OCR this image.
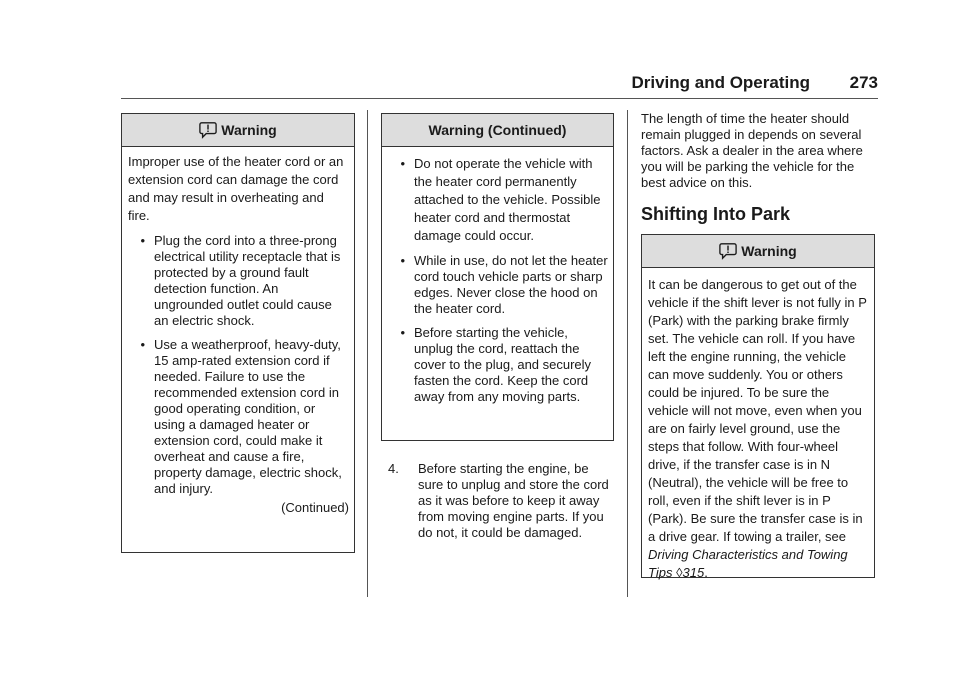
Driving and Operating	273
Warning

Improper use of the heater cord or an extension cord can damage the cord and may result in overheating and fire.

• Plug the cord into a three-prong electrical utility receptacle that is protected by a ground fault detection function. An ungrounded outlet could cause an electric shock.
• Use a weatherproof, heavy-duty, 15 amp-rated extension cord if needed. Failure to use the recommended extension cord in good operating condition, or using a damaged heater or extension cord, could make it overheat and cause a fire, property damage, electric shock, and injury.
(Continued)
Warning (Continued)
• Do not operate the vehicle with the heater cord permanently attached to the vehicle. Possible heater cord and thermostat damage could occur.
• While in use, do not let the heater cord touch vehicle parts or sharp edges. Never close the hood on the heater cord.
• Before starting the vehicle, unplug the cord, reattach the cover to the plug, and securely fasten the cord. Keep the cord away from any moving parts.
4.	Before starting the engine, be sure to unplug and store the cord as it was before to keep it away from moving engine parts. If you do not, it could be damaged.
The length of time the heater should remain plugged in depends on several factors. Ask a dealer in the area where you will be parking the vehicle for the best advice on this.
Shifting Into Park
Warning

It can be dangerous to get out of the vehicle if the shift lever is not fully in P (Park) with the parking brake firmly set. The vehicle can roll. If you have left the engine running, the vehicle can move suddenly. You or others could be injured. To be sure the vehicle will not move, even when you are on fairly level ground, use the steps that follow. With four-wheel drive, if the transfer case is in N (Neutral), the vehicle will be free to roll, even if the shift lever is in P (Park). Be sure the transfer case is in a drive gear. If towing a trailer, see Driving Characteristics and Towing Tips ◊315.
